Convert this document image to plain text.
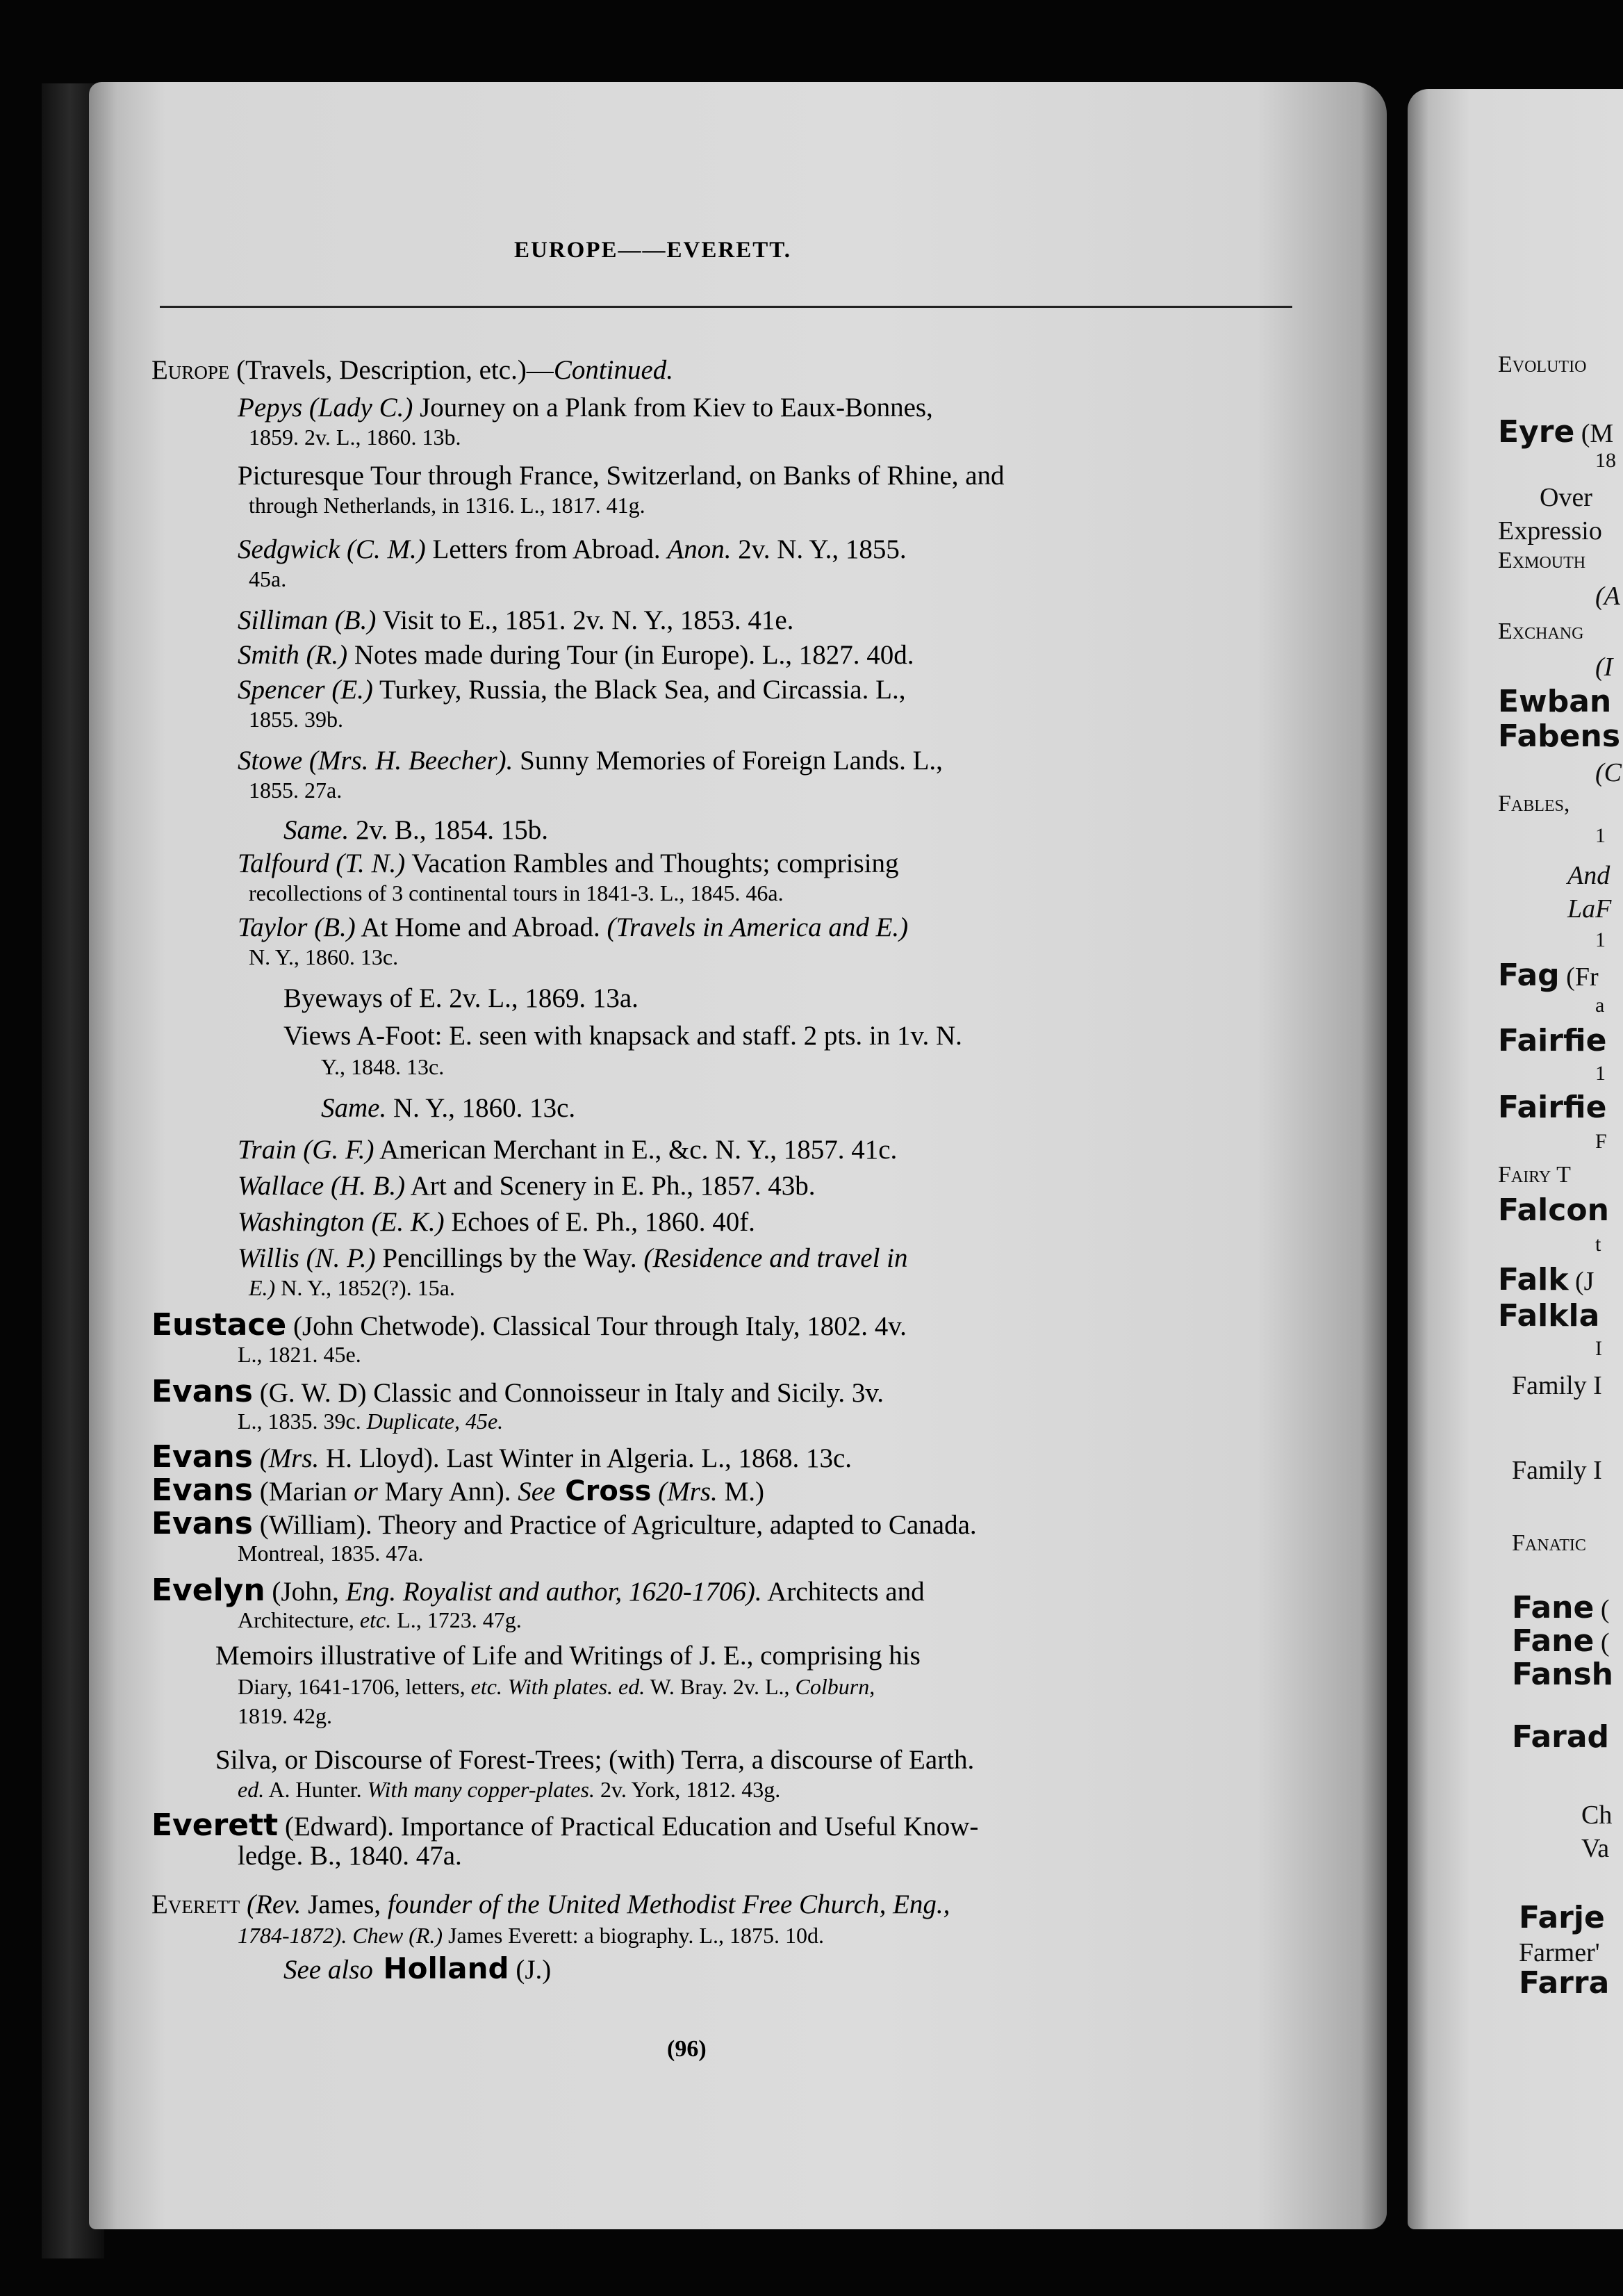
EUROPE——EVERETT.
Europe (Travels, Description, etc.)—Continued.
Pepys (Lady C.) Journey on a Plank from Kiev to Eaux-Bonnes,
1859. 2v. L., 1860. 13b.
Picturesque Tour through France, Switzerland, on Banks of Rhine, and
through Netherlands, in 1316. L., 1817. 41g.
Sedgwick (C. M.) Letters from Abroad. Anon. 2v. N. Y., 1855.
45a.
Silliman (B.) Visit to E., 1851. 2v. N. Y., 1853. 41e.
Smith (R.) Notes made during Tour (in Europe). L., 1827. 40d.
Spencer (E.) Turkey, Russia, the Black Sea, and Circassia. L.,
1855. 39b.
Stowe (Mrs. H. Beecher). Sunny Memories of Foreign Lands. L.,
1855. 27a.
Same. 2v. B., 1854. 15b.
Talfourd (T. N.) Vacation Rambles and Thoughts; comprising
recollections of 3 continental tours in 1841-3. L., 1845. 46a.
Taylor (B.) At Home and Abroad. (Travels in America and E.)
N. Y., 1860. 13c.
Byeways of E. 2v. L., 1869. 13a.
Views A-Foot: E. seen with knapsack and staff. 2 pts. in 1v. N.
Y., 1848. 13c.
Same. N. Y., 1860. 13c.
Train (G. F.) American Merchant in E., &c. N. Y., 1857. 41c.
Wallace (H. B.) Art and Scenery in E. Ph., 1857. 43b.
Washington (E. K.) Echoes of E. Ph., 1860. 40f.
Willis (N. P.) Pencillings by the Way. (Residence and travel in
E.) N. Y., 1852(?). 15a.
Eustace (John Chetwode). Classical Tour through Italy, 1802. 4v.
L., 1821. 45e.
Evans (G. W. D) Classic and Connoisseur in Italy and Sicily. 3v.
L., 1835. 39c. Duplicate, 45e.
Evans (Mrs. H. Lloyd). Last Winter in Algeria. L., 1868. 13c.
Evans (Marian or Mary Ann). See Cross (Mrs. M.)
Evans (William). Theory and Practice of Agriculture, adapted to Canada.
Montreal, 1835. 47a.
Evelyn (John, Eng. Royalist and author, 1620-1706). Architects and
Architecture, etc. L., 1723. 47g.
Memoirs illustrative of Life and Writings of J. E., comprising his
Diary, 1641-1706, letters, etc. With plates. ed. W. Bray. 2v. L., Colburn,
1819. 42g.
Silva, or Discourse of Forest-Trees; (with) Terra, a discourse of Earth.
ed. A. Hunter. With many copper-plates. 2v. York, 1812. 43g.
Everett (Edward). Importance of Practical Education and Useful Know-
ledge. B., 1840. 47a.
Everett (Rev. James, founder of the United Methodist Free Church, Eng.,
1784-1872). Chew (R.) James Everett: a biography. L., 1875. 10d.
See also Holland (J.)
(96)
Evolutio
Eyre (M
18
Over
Expressio
Exmouth
(A
Exchang
(I
Ewban
Fabens
(C
Fables,
1
And
LaF
1
Fag (Fr
a
Fairfie
1
Fairfie
F
Fairy T
Falcon
t
Falk (J
Falkla
I
Family I
Family I
Fanatic
Fane (
Fane (
Fansh
Farad
Ch
Va
Farje
Farmer'
Farra
